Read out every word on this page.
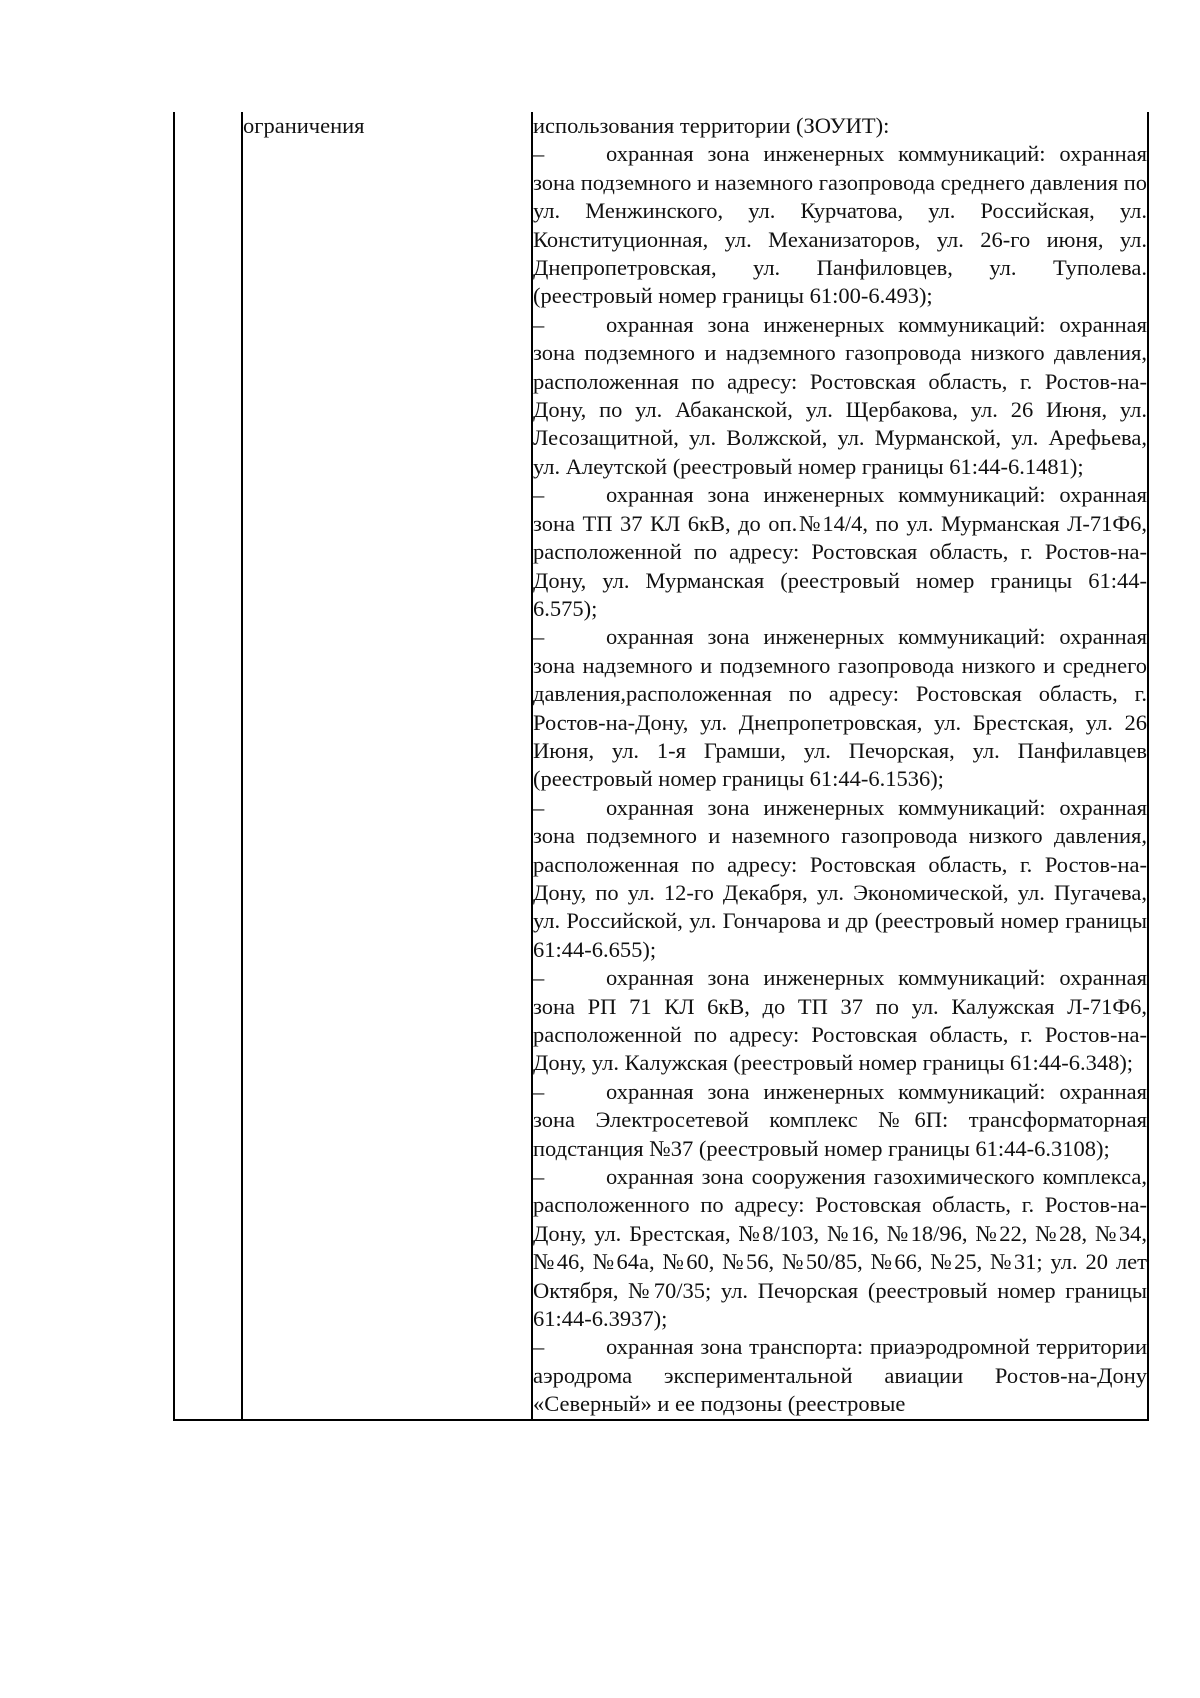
	ограничения	использования территории (ЗОУИТ):
–	охранная зона инженерных коммуникаций: охранная зона подземного и наземного газопровода среднего давления по ул. Менжинского, ул. Курчатова, ул. Российская, ул. Конституционная, ул. Механизаторов, ул. 26-го июня, ул. Днепропетровская, ул. Панфиловцев, ул. Туполева. (реестровый номер границы 61:00-6.493);
–	охранная зона инженерных коммуникаций: охранная зона подземного и надземного газопровода низкого давления, расположенная по адресу: Ростовская область, г. Ростов-на-Дону, по ул. Абаканской, ул. Щербакова, ул. 26 Июня, ул. Лесозащитной, ул. Волжской, ул. Мурманской, ул. Арефьева, ул. Алеутской (реестровый номер границы 61:44-6.1481);
–	охранная зона инженерных коммуникаций: охранная зона ТП 37 КЛ 6кВ, до оп.№14/4, по ул. Мурманская Л-71Ф6, расположенной по адресу: Ростовская область, г. Ростов-на-Дону, ул. Мурманская (реестровый номер границы 61:44-6.575);
–	охранная зона инженерных коммуникаций: охранная зона надземного и подземного газопровода низкого и среднего давления,расположенная по адресу: Ростовская область, г. Ростов-на-Дону, ул. Днепропетровская, ул. Брестская, ул. 26 Июня, ул. 1-я Грамши, ул. Печорская, ул. Панфилавцев (реестровый номер границы 61:44-6.1536);
–	охранная зона инженерных коммуникаций: охранная зона подземного и наземного газопровода низкого давления, расположенная по адресу: Ростовская область, г. Ростов-на-Дону, по ул. 12-го Декабря, ул. Экономической, ул. Пугачева, ул. Российской, ул. Гончарова и др (реестровый номер границы 61:44-6.655);
–	охранная зона инженерных коммуникаций: охранная зона РП 71 КЛ 6кВ, до ТП 37 по ул. Калужская Л-71Ф6, расположенной по адресу: Ростовская область, г. Ростов-на-Дону, ул. Калужская (реестровый номер границы 61:44-6.348);
–	охранная зона инженерных коммуникаций: охранная зона Электросетевой комплекс №6П: трансформаторная подстанция №37 (реестровый номер границы 61:44-6.3108);
–	охранная зона сооружения газохимического комплекса, расположенного по адресу: Ростовская область, г. Ростов-на-Дону, ул. Брестская, №8/103, №16, №18/96, №22, №28, №34, №46, №64а, №60, №56, №50/85, №66, №25, №31; ул. 20 лет Октября, №70/35; ул. Печорская (реестровый номер границы 61:44-6.3937);
–	охранная зона транспорта: приаэродромной территории аэродрома экспериментальной авиации Ростов-на-Дону «Северный» и ее подзоны (реестровые
